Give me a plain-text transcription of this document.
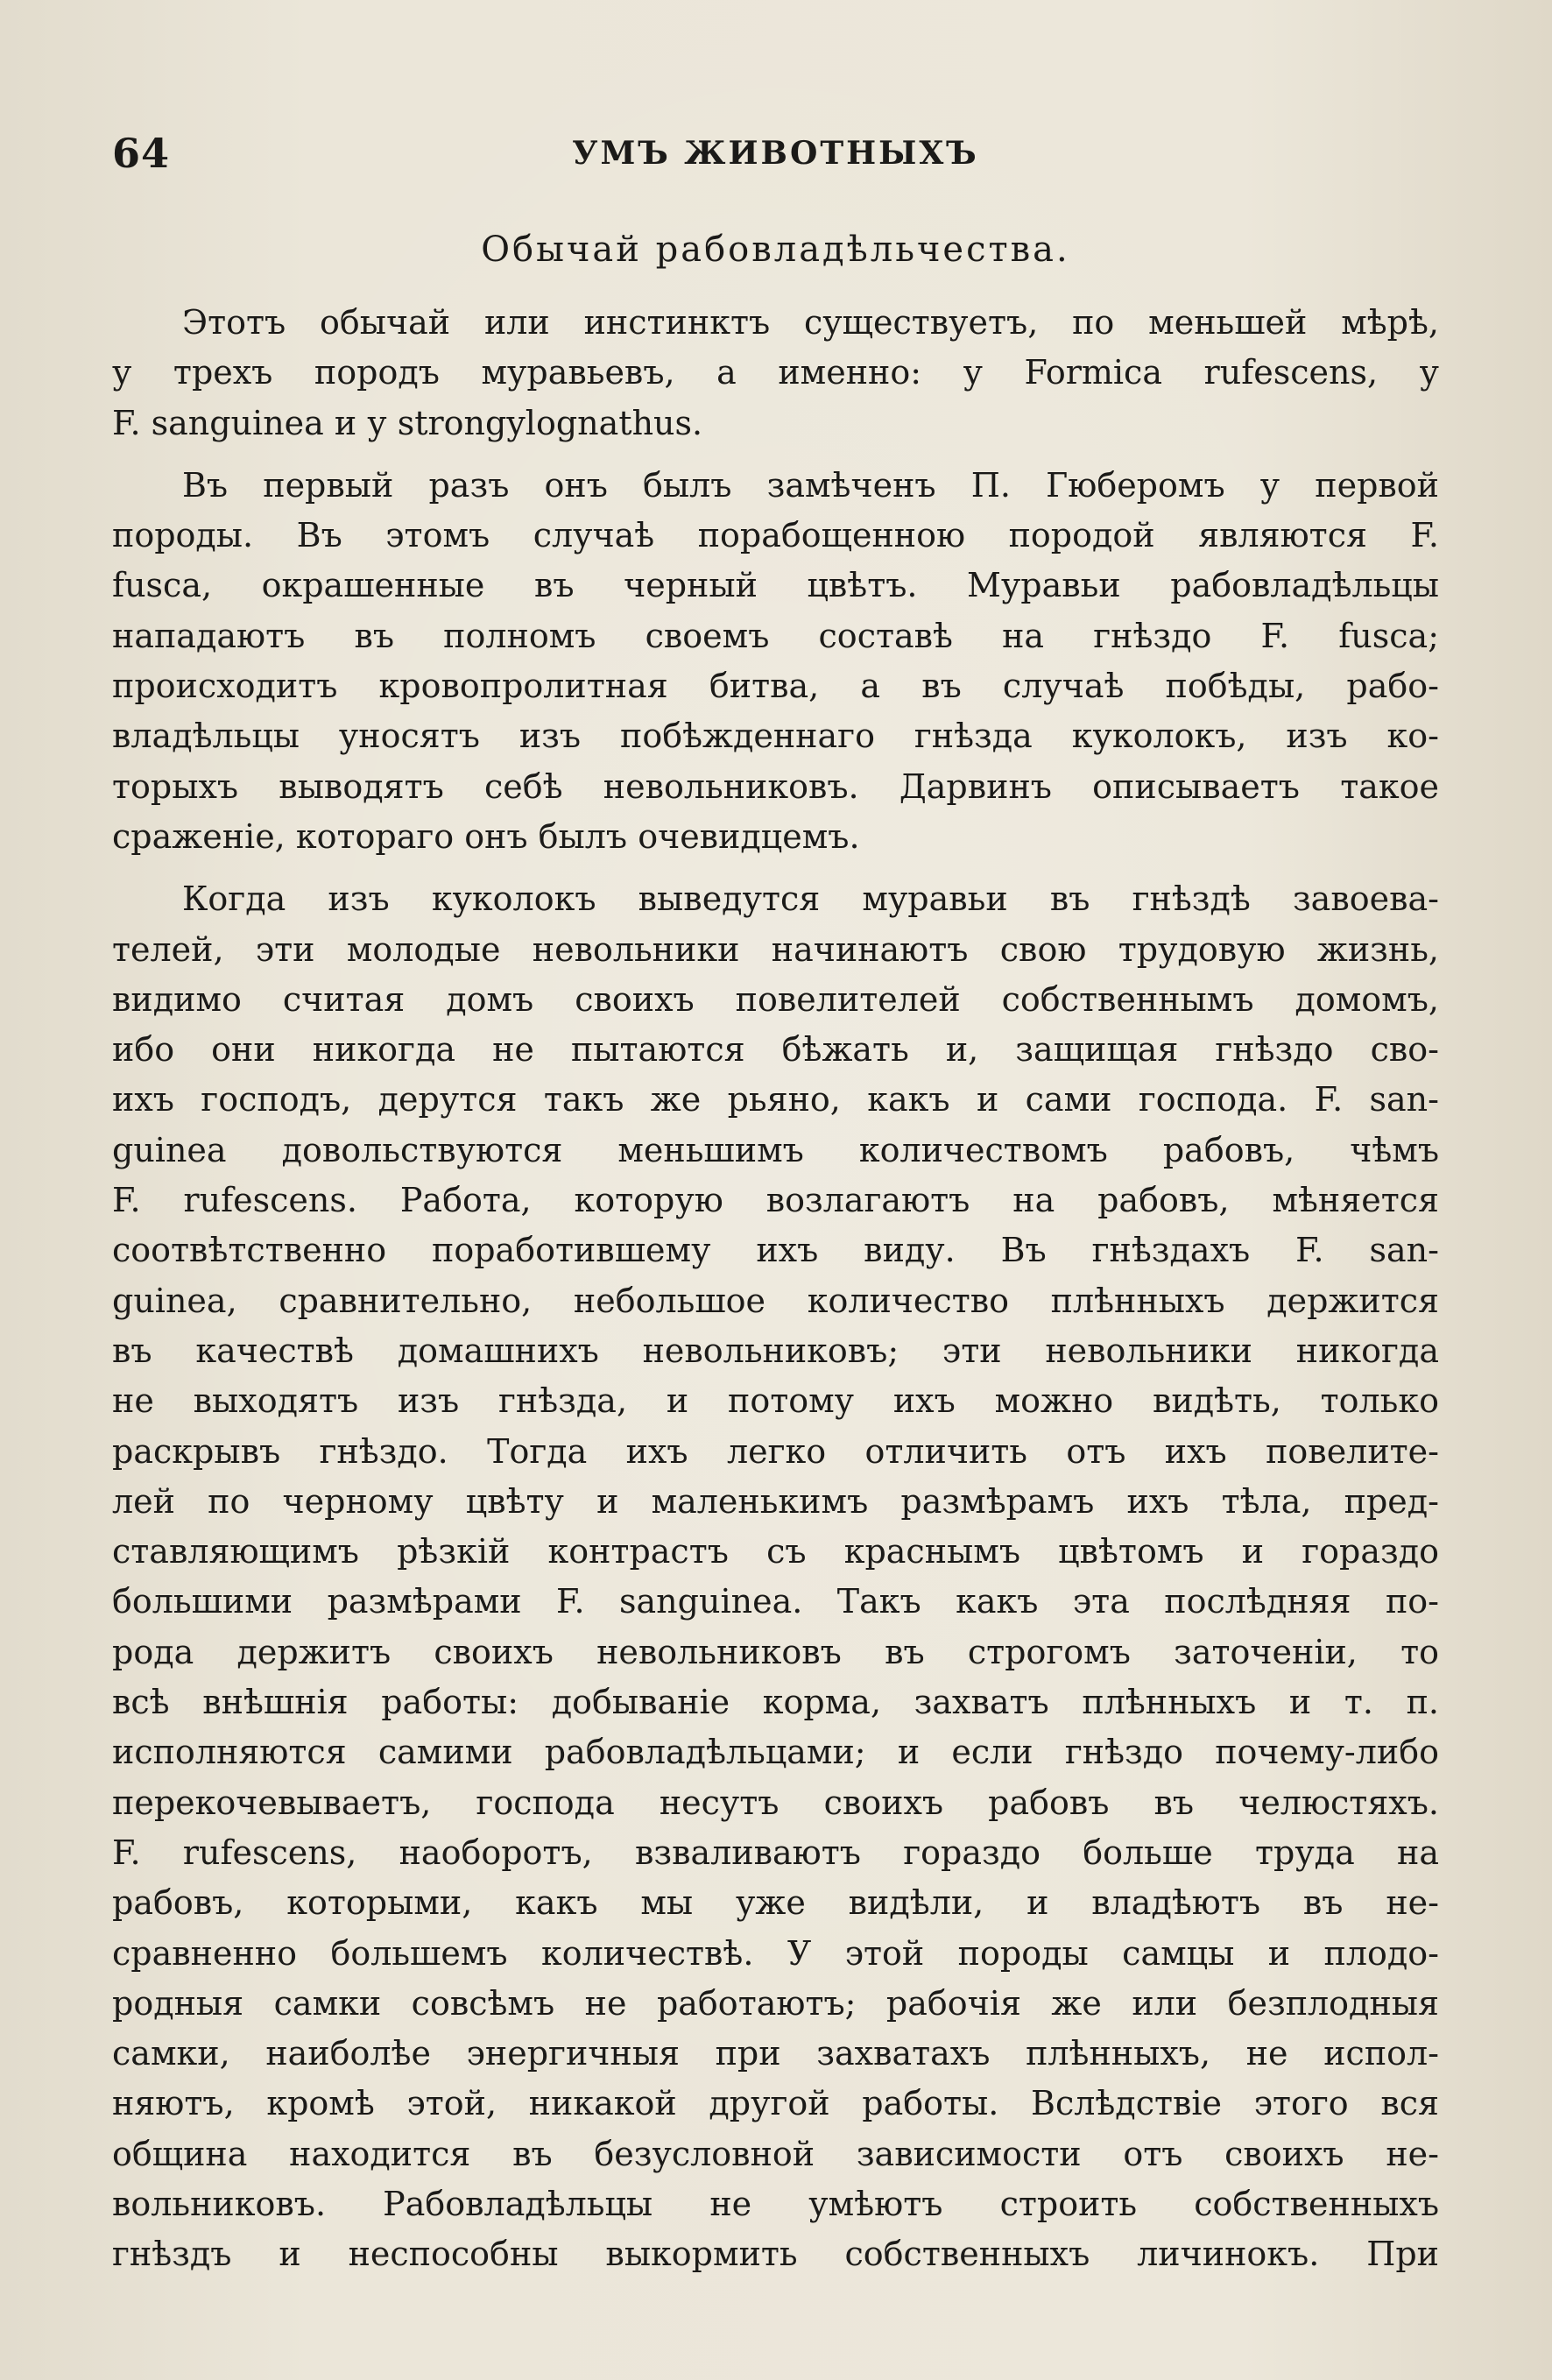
64	УМЪ ЖИВОТНЫХЪ
Обычай рабовладѣльчества.
Этотъ обычай или инстинктъ существуетъ, по меньшей мѣрѣ,
у трехъ породъ муравьевъ, а именно: у Formica rufescens, у
F. sanguinea и у strongylognathus.
Въ первый разъ онъ былъ замѣченъ П. Гюберомъ у первой
породы. Въ этомъ случаѣ порабощенною породой являются F.
fusca, окрашенные въ черный цвѣтъ. Муравьи рабовладѣльцы
нападаютъ въ полномъ своемъ составѣ на гнѣздо F. fusca;
происходитъ кровопролитная битва, а въ случаѣ побѣды, рабо-
владѣльцы уносятъ изъ побѣжденнаго гнѣзда куколокъ, изъ ко-
торыхъ выводятъ себѣ невольниковъ. Дарвинъ описываетъ такое
сраженіе, котораго онъ былъ очевидцемъ.
Когда изъ куколокъ выведутся муравьи въ гнѣздѣ завоева-
телей, эти молодые невольники начинаютъ свою трудовую жизнь,
видимо считая домъ своихъ повелителей собственнымъ домомъ,
ибо они никогда не пытаются бѣжать и, защищая гнѣздо сво-
ихъ господъ, дерутся такъ же рьяно, какъ и сами господа. F. san-
guinea довольствуются меньшимъ количествомъ рабовъ, чѣмъ
F. rufescens. Работа, которую возлагаютъ на рабовъ, мѣняется
соотвѣтственно поработившему ихъ виду. Въ гнѣздахъ F. san-
guinea, сравнительно, небольшое количество плѣнныхъ держится
въ качествѣ домашнихъ невольниковъ; эти невольники никогда
не выходятъ изъ гнѣзда, и потому ихъ можно видѣть, только
раскрывъ гнѣздо. Тогда ихъ легко отличить отъ ихъ повелите-
лей по черному цвѣту и маленькимъ размѣрамъ ихъ тѣла, пред-
ставляющимъ рѣзкій контрастъ съ краснымъ цвѣтомъ и гораздо
большими размѣрами F. sanguinea. Такъ какъ эта послѣдняя по-
рода держитъ своихъ невольниковъ въ строгомъ заточеніи, то
всѣ внѣшнія работы: добываніе корма, захватъ плѣнныхъ и т. п.
исполняются самими рабовладѣльцами; и если гнѣздо почему-либо
перекочевываетъ, господа несутъ своихъ рабовъ въ челюстяхъ.
F. rufescens, наоборотъ, взваливаютъ гораздо больше труда на
рабовъ, которыми, какъ мы уже видѣли, и владѣютъ въ не-
сравненно большемъ количествѣ. У этой породы самцы и плодо-
родныя самки совсѣмъ не работаютъ; рабочія же или безплодныя
самки, наиболѣе энергичныя при захватахъ плѣнныхъ, не испол-
няютъ, кромѣ этой, никакой другой работы. Вслѣдствіе этого вся
община находится въ безусловной зависимости отъ своихъ не-
вольниковъ. Рабовладѣльцы не умѣютъ строить собственныхъ
гнѣздъ и неспособны выкормить собственныхъ личинокъ. При
